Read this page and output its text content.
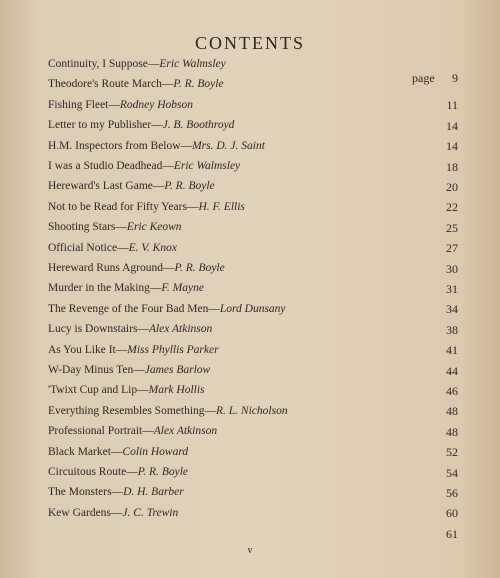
CONTENTS
page
Continuity, I Suppose—Eric Walmsley
9
Theodore's Route March—P. R. Boyle
11
Fishing Fleet—Rodney Hobson
14
Letter to my Publisher—J. B. Boothroyd
14
H.M. Inspectors from Below—Mrs. D. J. Saint
18
I was a Studio Deadhead—Eric Walmsley
20
Hereward's Last Game—P. R. Boyle
22
Not to be Read for Fifty Years—H. F. Ellis
25
Shooting Stars—Eric Keown
27
Official Notice—E. V. Knox
30
Hereward Runs Aground—P. R. Boyle
31
Murder in the Making—F. Mayne
34
The Revenge of the Four Bad Men—Lord Dunsany
38
Lucy is Downstairs—Alex Atkinson
41
As You Like It—Miss Phyllis Parker
44
W-Day Minus Ten—James Barlow
46
'Twixt Cup and Lip—Mark Hollis
48
Everything Resembles Something—R. L. Nicholson
48
Professional Portrait—Alex Atkinson
52
Black Market—Colin Howard
54
Circuitous Route—P. R. Boyle
56
The Monsters—D. H. Barber
60
Kew Gardens—J. C. Trewin
61
v
